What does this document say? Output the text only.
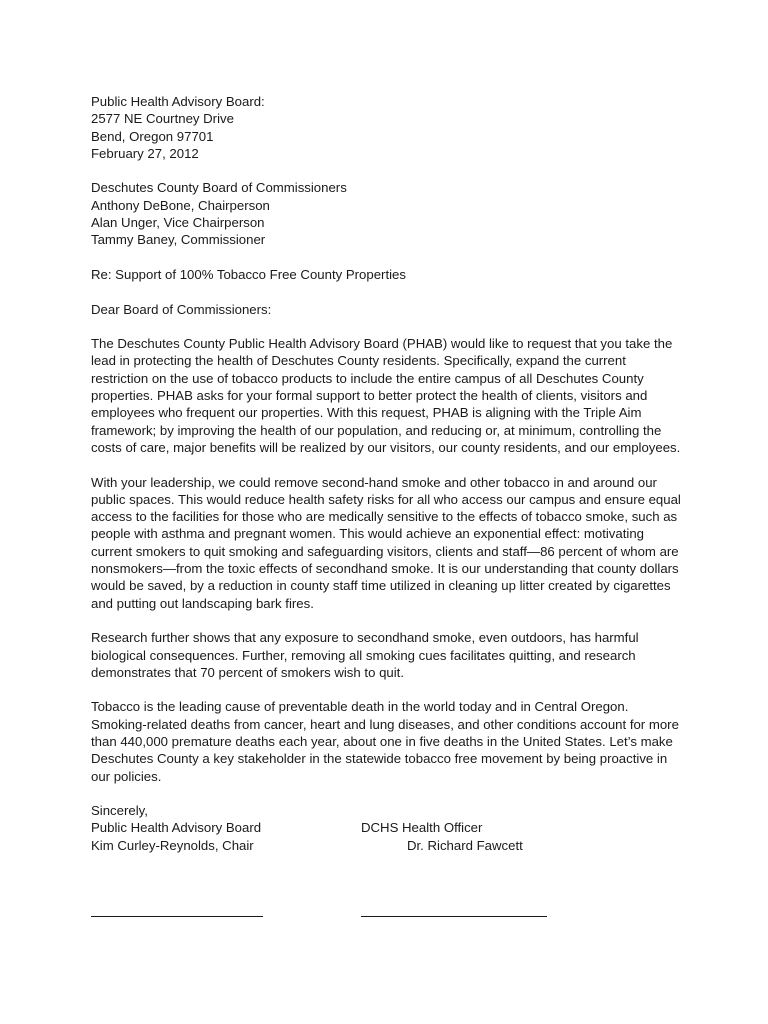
Public Health Advisory Board:
2577 NE Courtney Drive
Bend, Oregon 97701
February 27, 2012
Deschutes County Board of Commissioners
Anthony DeBone, Chairperson
Alan Unger, Vice Chairperson
Tammy Baney, Commissioner
Re: Support of 100% Tobacco Free County Properties
Dear Board of Commissioners:

The Deschutes County Public Health Advisory Board (PHAB) would like to request that you take the lead in protecting the health of Deschutes County residents. Specifically, expand the current restriction on the use of tobacco products to include the entire campus of all Deschutes County properties. PHAB asks for your formal support to better protect the health of clients, visitors and employees who frequent our properties. With this request, PHAB is aligning with the Triple Aim framework; by improving the health of our population, and reducing or, at minimum, controlling the costs of care, major benefits will be realized by our visitors, our county residents, and our employees.

With your leadership, we could remove second-hand smoke and other tobacco in and around our public spaces. This would reduce health safety risks for all who access our campus and ensure equal access to the facilities for those who are medically sensitive to the effects of tobacco smoke, such as people with asthma and pregnant women. This would achieve an exponential effect: motivating current smokers to quit smoking and safeguarding visitors, clients and staff—86 percent of whom are nonsmokers—from the toxic effects of secondhand smoke. It is our understanding that county dollars would be saved, by a reduction in county staff time utilized in cleaning up litter created by cigarettes and putting out landscaping bark fires.

Research further shows that any exposure to secondhand smoke, even outdoors, has harmful biological consequences. Further, removing all smoking cues facilitates quitting, and research demonstrates that 70 percent of smokers wish to quit.

Tobacco is the leading cause of preventable death in the world today and in Central Oregon. Smoking-related deaths from cancer, heart and lung diseases, and other conditions account for more than 440,000 premature deaths each year, about one in five deaths in the United States. Let’s make Deschutes County a key stakeholder in the statewide tobacco free movement by being proactive in our policies.

Sincerely,
Public Health Advisory Board	DCHS Health Officer
Kim Curley-Reynolds, Chair	Dr. Richard Fawcett
